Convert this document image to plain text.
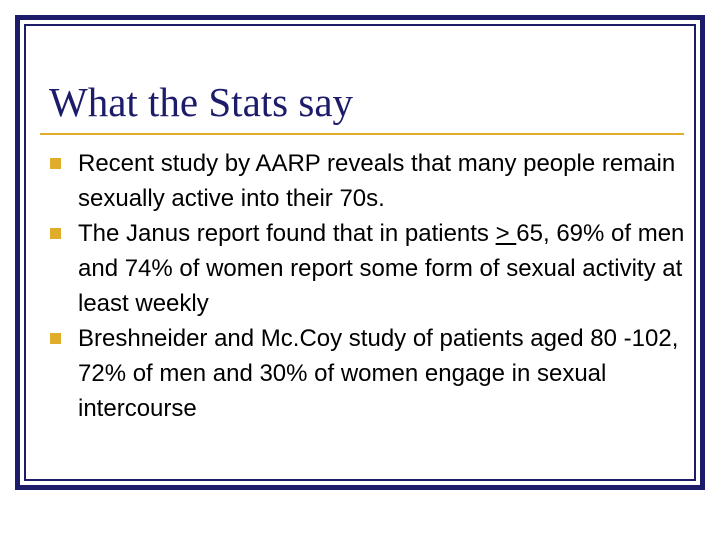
What the Stats say
Recent study by AARP reveals that many people remain sexually active into their 70s.
The Janus report found that in patients > 65, 69% of men and 74% of women report some form of sexual activity at least weekly
Breshneider and Mc.Coy study of patients aged 80 -102, 72% of men and 30% of women engage in sexual intercourse
